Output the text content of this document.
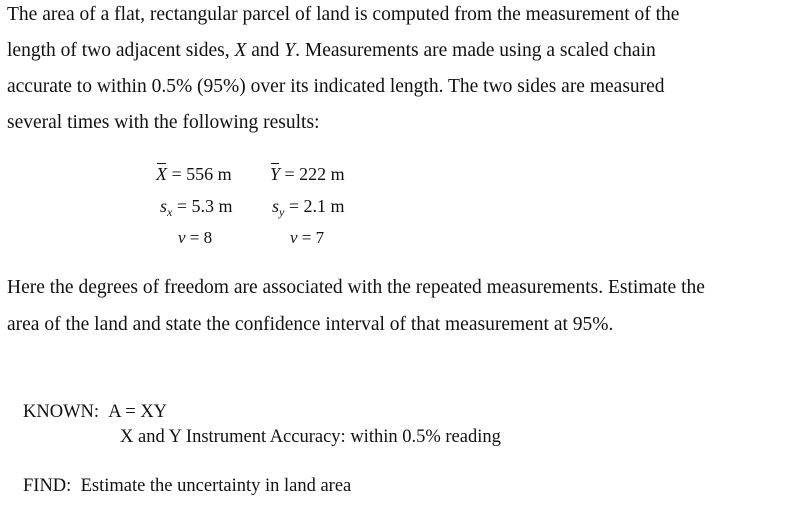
The area of a flat, rectangular parcel of land is computed from the measurement of the

length of two adjacent sides, X and Y. Measurements are made using a scaled chain

accurate to within 0.5% (95%) over its indicated length. The two sides are measured

several times with the following results:

X = 556 m Y = 222 m
$s_x = 5.3$ m $s_y = 2.1$ m
ν = 8	ν = 7

Here the degrees of freedom are associated with the repeated measurements. Estimate the

area of the land and state the confidence interval of that measurement at 95%.

KNOWN: A = XY
X and Y Instrument Accuracy: within 0.5% reading
FIND: Estimate the uncertainty in land area
